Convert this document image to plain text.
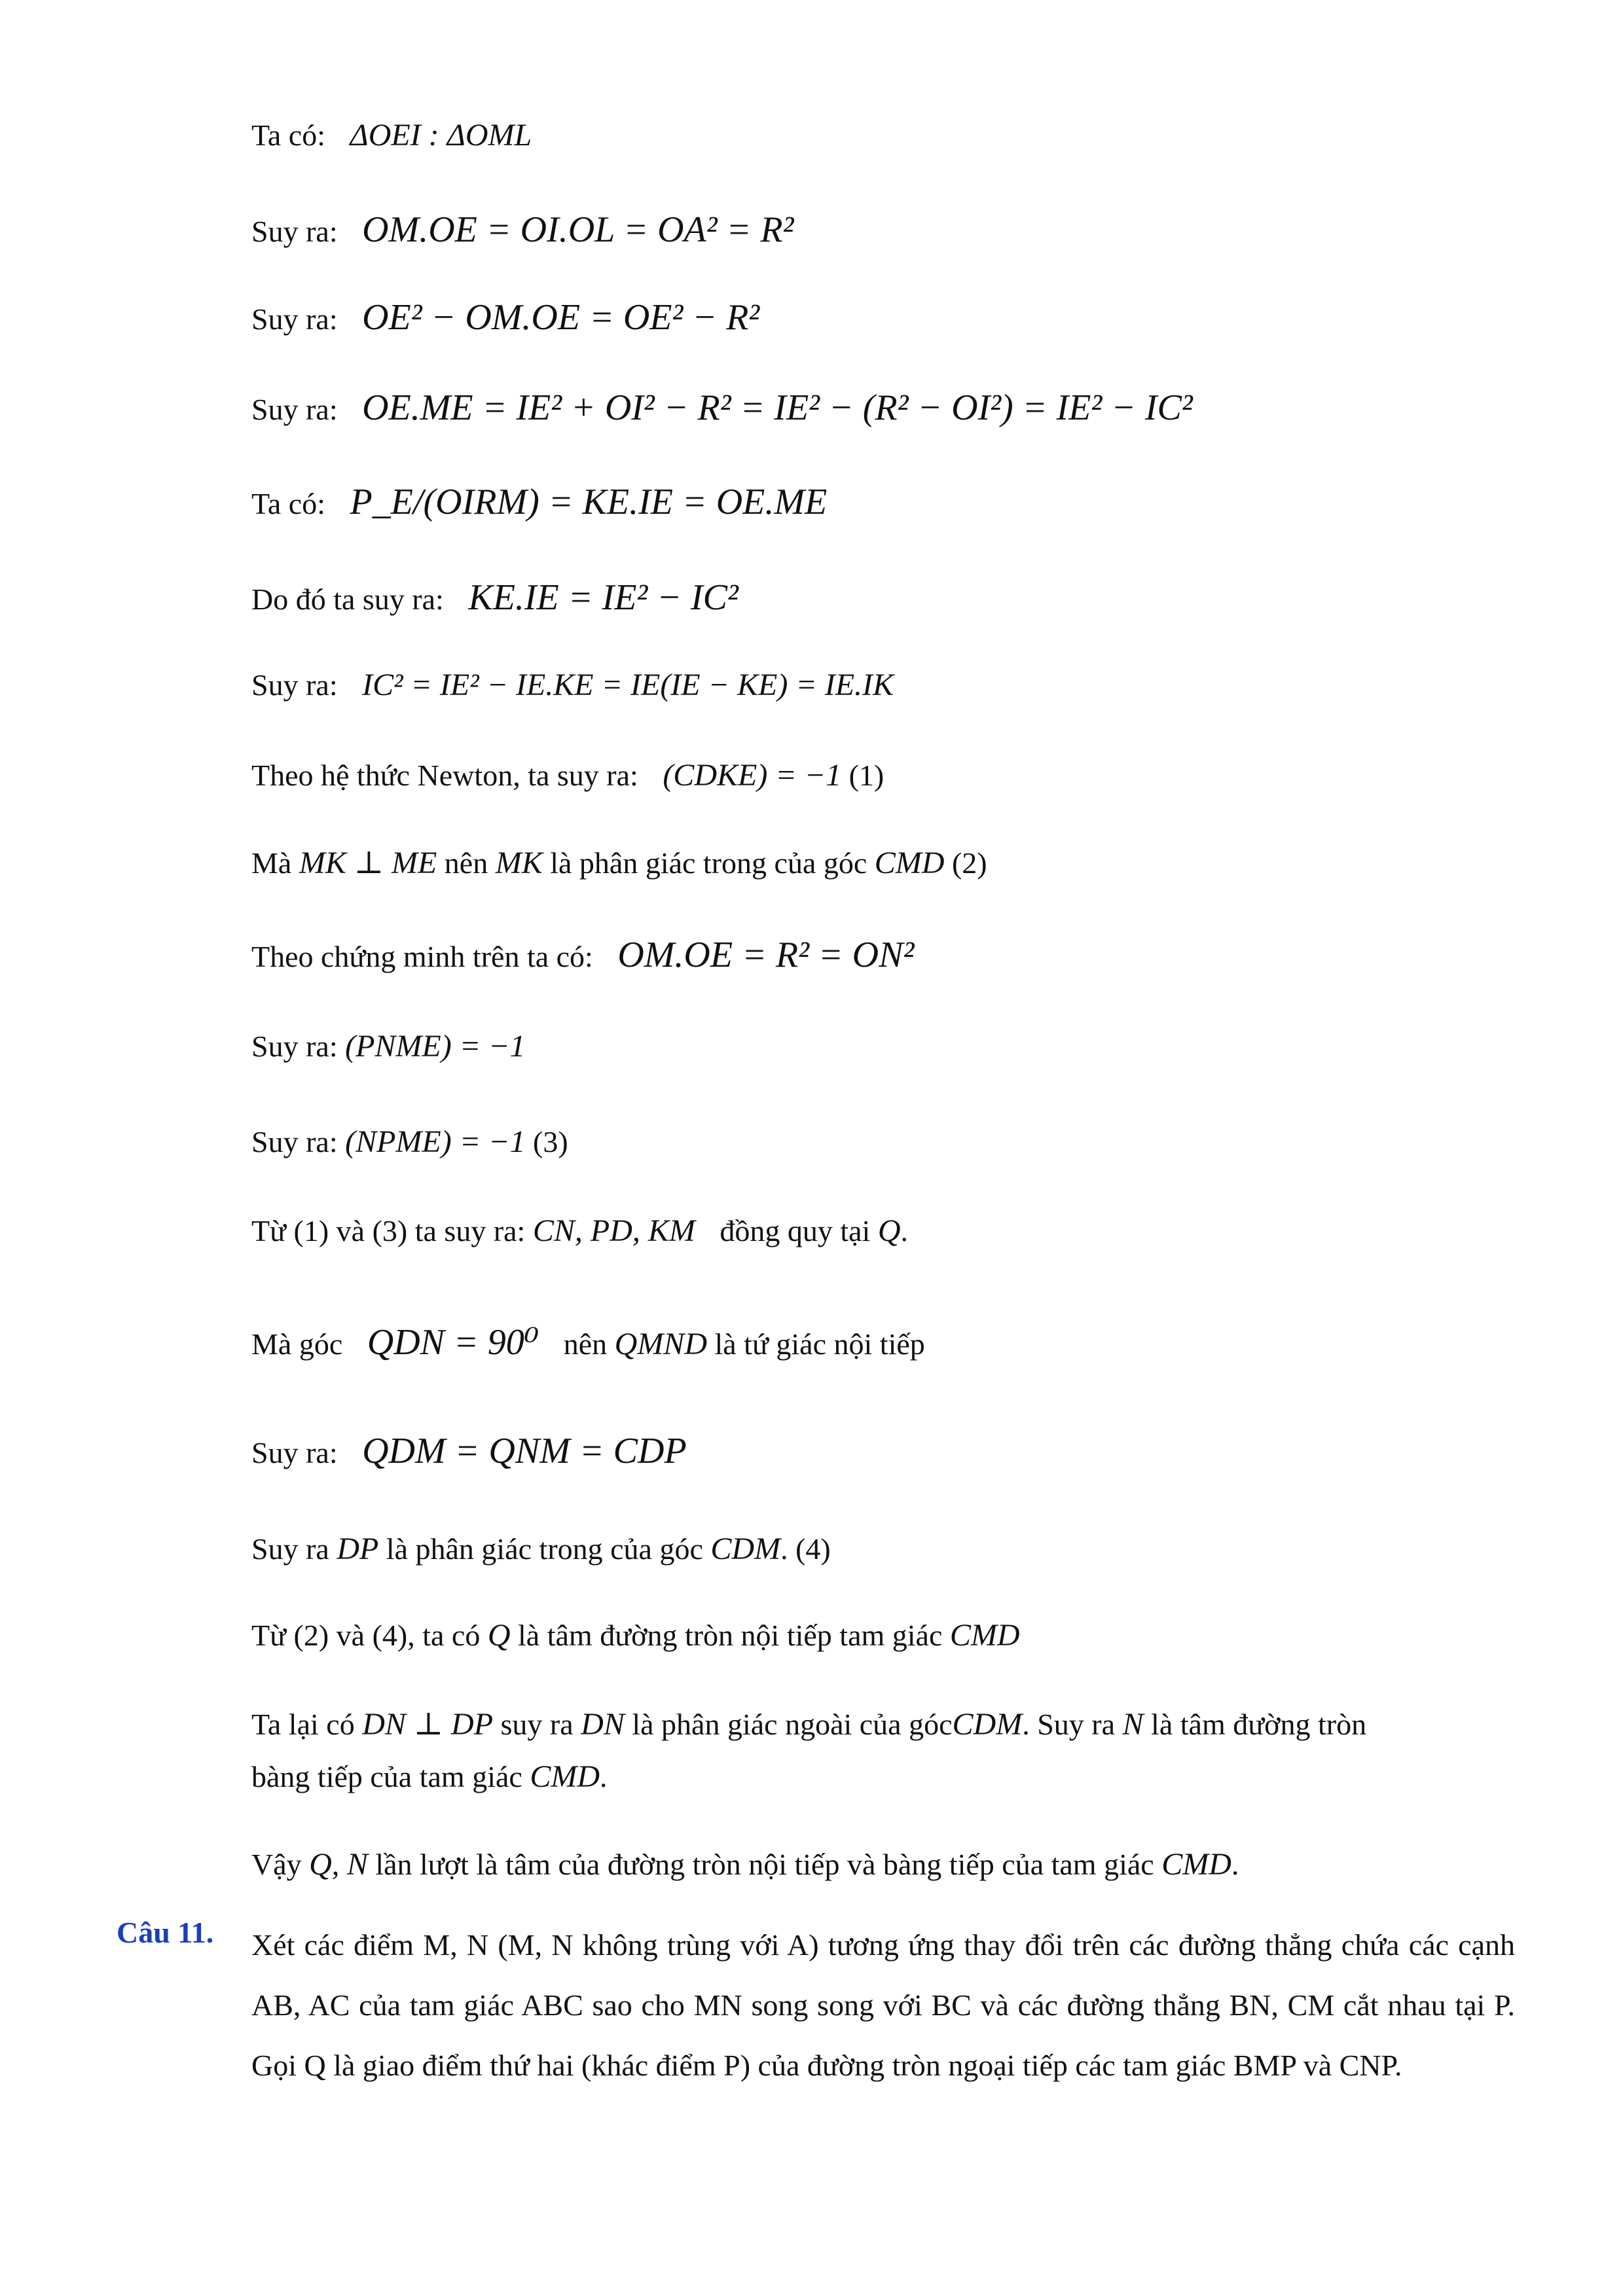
Ta có: ΔOEI : ΔOML
Suy ra: OM.OE = OI.OL = OA² = R²
Suy ra: OE² − OM.OE = OE² − R²
Suy ra: OE.ME = IE² + OI² − R² = IE² − (R² − OI²) = IE² − IC²
Ta có: P_E/(OIRM) = KE.IE = OE.ME
Do đó ta suy ra: KE.IE = IE² − IC²
Suy ra: IC² = IE² − IE.KE = IE(IE − KE) = IE.IK
Theo hệ thức Newton, ta suy ra: (CDKE) = −1 (1)
Mà MK ⊥ ME nên MK là phân giác trong của góc CMD (2)
Theo chứng minh trên ta có: OM.OE = R² = ON²
Suy ra: (PNME) = −1
Suy ra: (NPME) = −1 (3)
Từ (1) và (3) ta suy ra: CN, PD, KM đồng quy tại Q.
Mà góc QDN = 90⁰ nên QMND là tứ giác nội tiếp
Suy ra: QDM = QNM = CDP
Suy ra DP là phân giác trong của góc CDM. (4)
Từ (2) và (4), ta có Q là tâm đường tròn nội tiếp tam giác CMD
Ta lại có DN ⊥ DP suy ra DN là phân giác ngoài của gócCDM. Suy ra N là tâm đường tròn
bàng tiếp của tam giác CMD.
Vậy Q, N lần lượt là tâm của đường tròn nội tiếp và bàng tiếp của tam giác CMD.
Câu 11. Xét các điểm M, N (M, N không trùng với A) tương ứng thay đổi trên các đường thẳng chứa các cạnh AB, AC của tam giác ABC sao cho MN song song với BC và các đường thẳng BN, CM cắt nhau tại P. Gọi Q là giao điểm thứ hai (khác điểm P) của đường tròn ngoại tiếp các tam giác BMP và CNP.
